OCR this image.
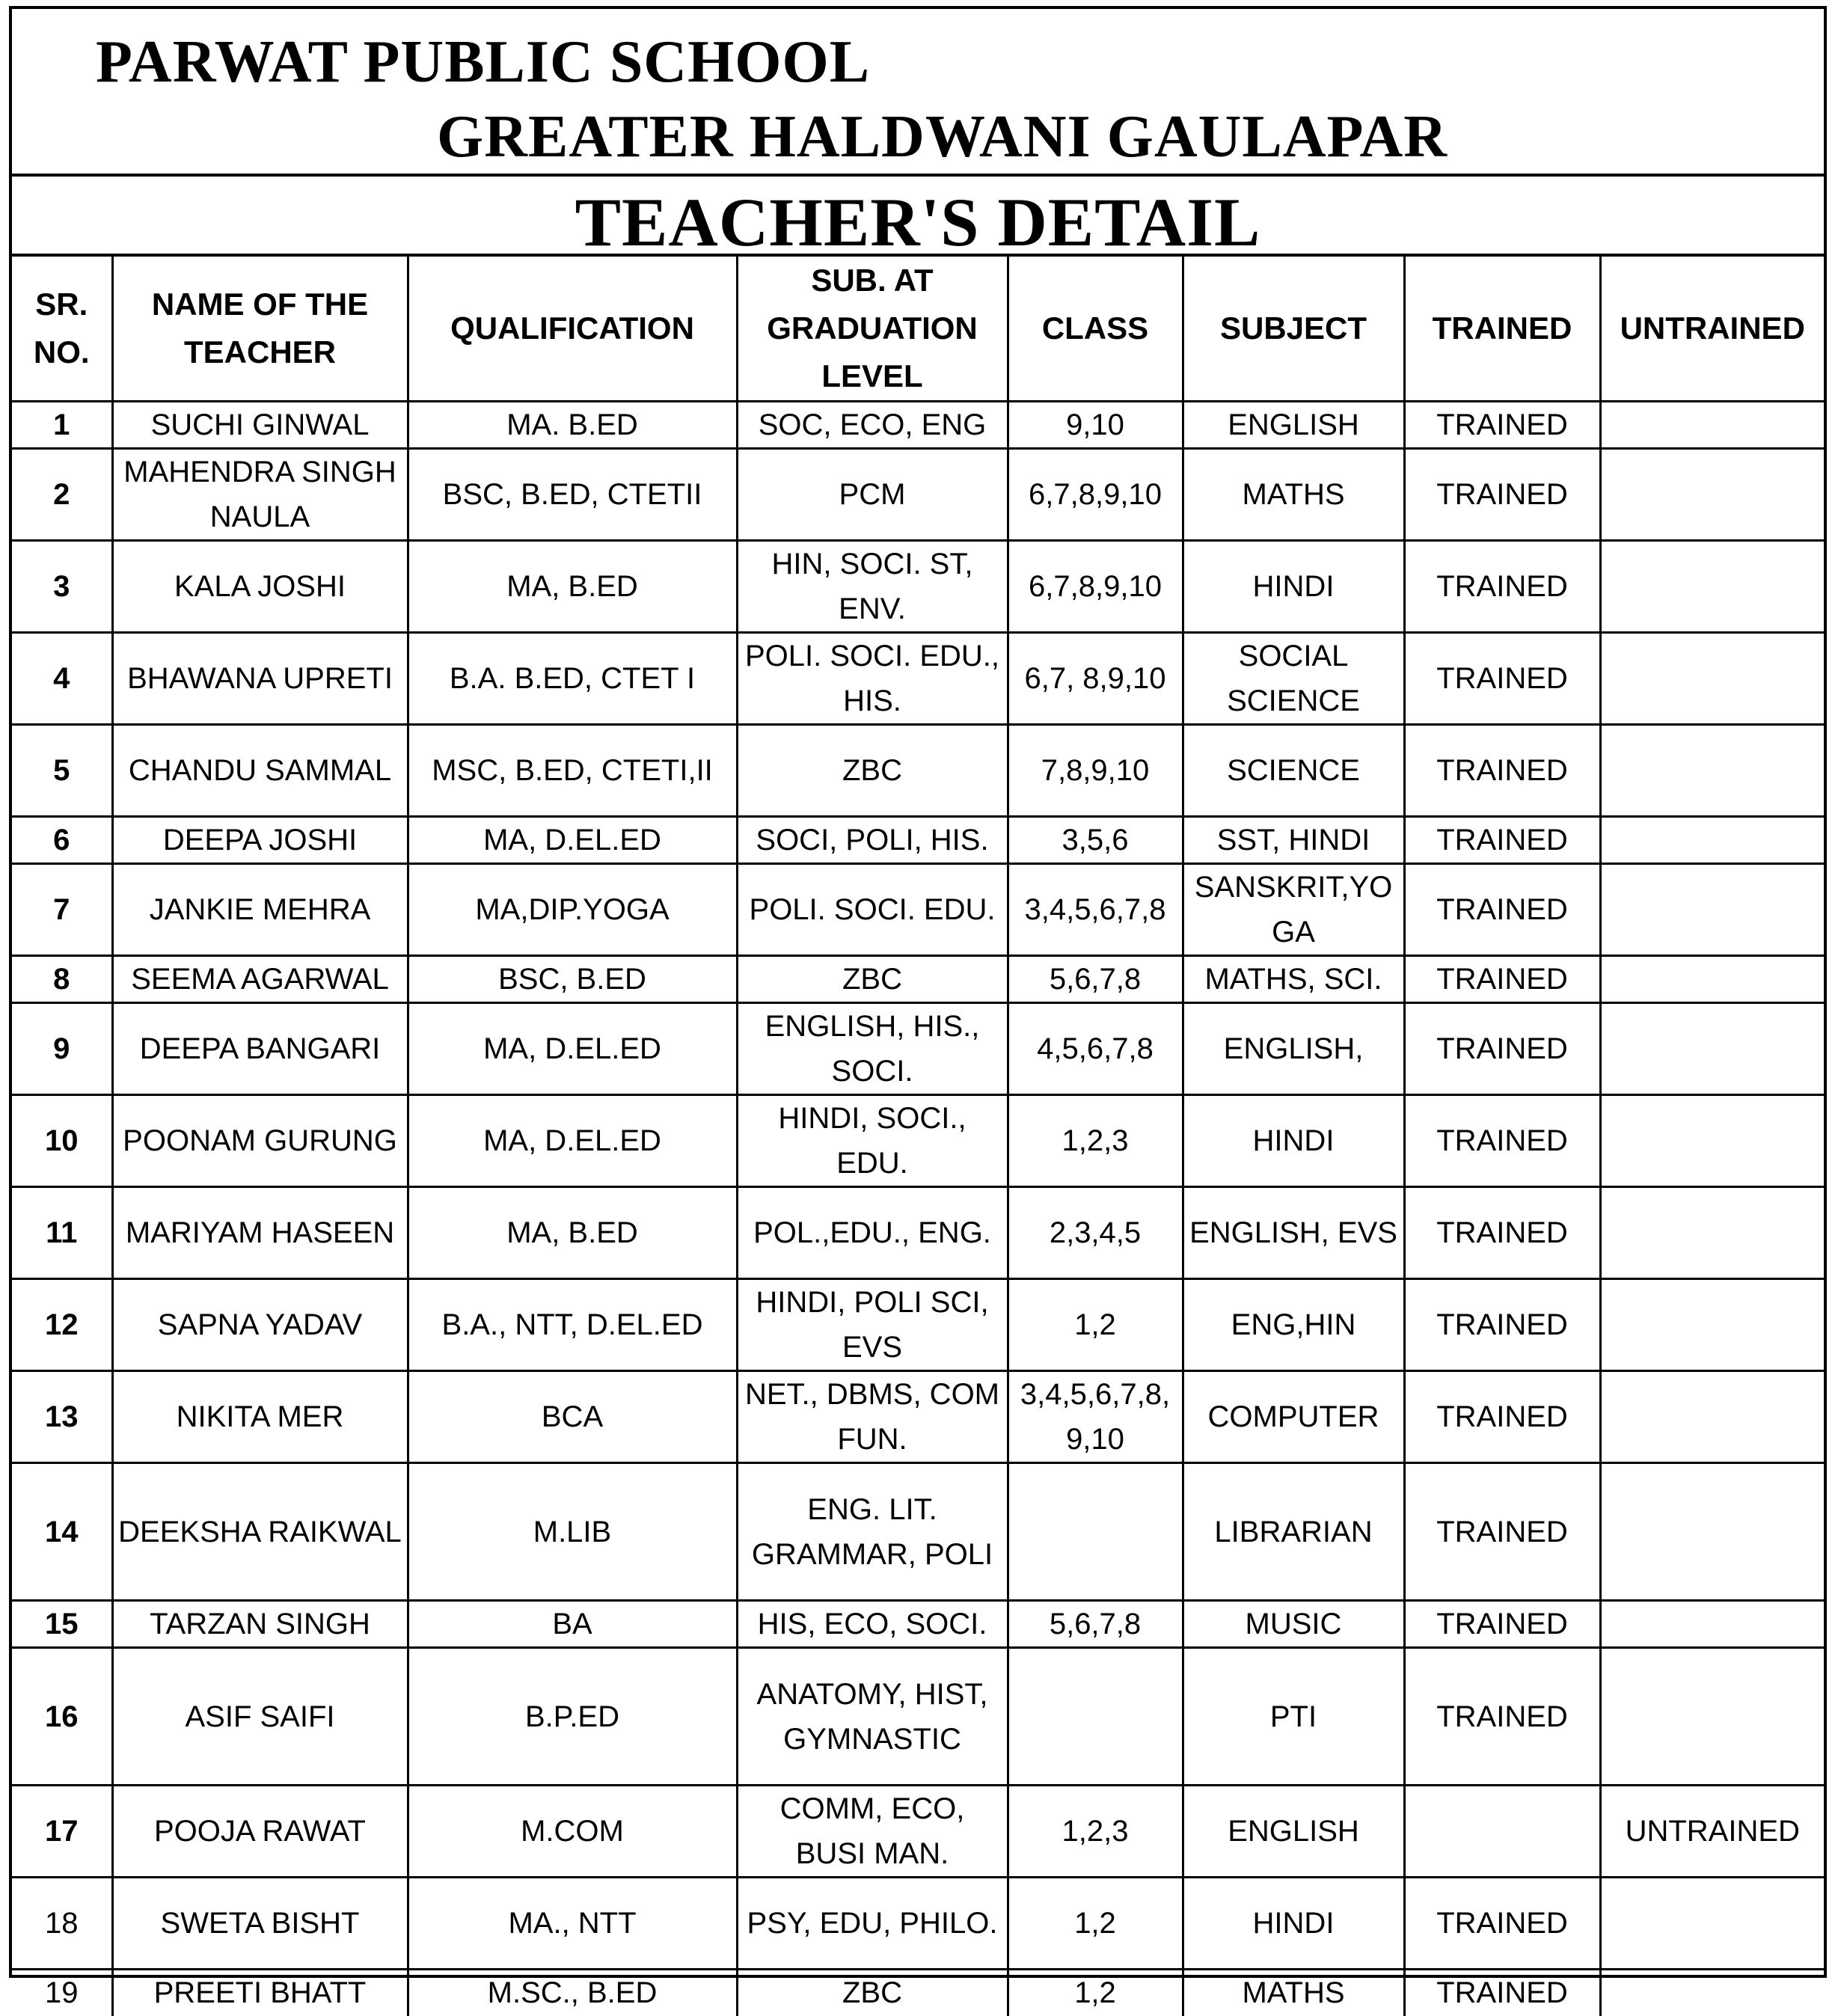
PARWAT PUBLIC SCHOOL
GREATER HALDWANI GAULAPAR
TEACHER'S DETAIL
SR. NO.	NAME OF THE TEACHER	QUALIFICATION	SUB. AT GRADUATION LEVEL	CLASS	SUBJECT	TRAINED	UNTRAINED
1	SUCHI GINWAL	MA. B.ED	SOC, ECO, ENG	9,10	ENGLISH	TRAINED	
2	MAHENDRA SINGH NAULA	BSC, B.ED, CTETII	PCM	6,7,8,9,10	MATHS	TRAINED	
3	KALA JOSHI	MA, B.ED	HIN, SOCI. ST, ENV.	6,7,8,9,10	HINDI	TRAINED	
4	BHAWANA UPRETI	B.A. B.ED, CTET I	POLI. SOCI. EDU., HIS.	6,7, 8,9,10	SOCIAL SCIENCE	TRAINED	
5	CHANDU SAMMAL	MSC, B.ED, CTETI,II	ZBC	7,8,9,10	SCIENCE	TRAINED	
6	DEEPA JOSHI	MA, D.EL.ED	SOCI, POLI, HIS.	3,5,6	SST, HINDI	TRAINED	
7	JANKIE MEHRA	MA,DIP.YOGA	POLI. SOCI. EDU.	3,4,5,6,7,8	SANSKRIT,YOGA	TRAINED	
8	SEEMA AGARWAL	BSC, B.ED	ZBC	5,6,7,8	MATHS, SCI.	TRAINED	
9	DEEPA BANGARI	MA, D.EL.ED	ENGLISH, HIS., SOCI.	4,5,6,7,8	ENGLISH,	TRAINED	
10	POONAM GURUNG	MA, D.EL.ED	HINDI, SOCI., EDU.	1,2,3	HINDI	TRAINED	
11	MARIYAM HASEEN	MA, B.ED	POL.,EDU., ENG.	2,3,4,5	ENGLISH, EVS	TRAINED	
12	SAPNA YADAV	B.A., NTT, D.EL.ED	HINDI, POLI SCI, EVS	1,2	ENG,HIN	TRAINED	
13	NIKITA MER	BCA	NET., DBMS, COM FUN.	3,4,5,6,7,8, 9,10	COMPUTER	TRAINED	
14	DEEKSHA RAIKWAL	M.LIB	ENG. LIT. GRAMMAR, POLI		LIBRARIAN	TRAINED	
15	TARZAN SINGH	BA	HIS, ECO, SOCI.	5,6,7,8	MUSIC	TRAINED	
16	ASIF SAIFI	B.P.ED	ANATOMY, HIST, GYMNASTIC		PTI	TRAINED	
17	POOJA RAWAT	M.COM	COMM, ECO, BUSI MAN.	1,2,3	ENGLISH		UNTRAINED
18	SWETA BISHT	MA., NTT	PSY, EDU, PHILO.	1,2	HINDI	TRAINED	
19	PREETI BHATT	M.SC., B.ED	ZBC	1,2	MATHS	TRAINED	
